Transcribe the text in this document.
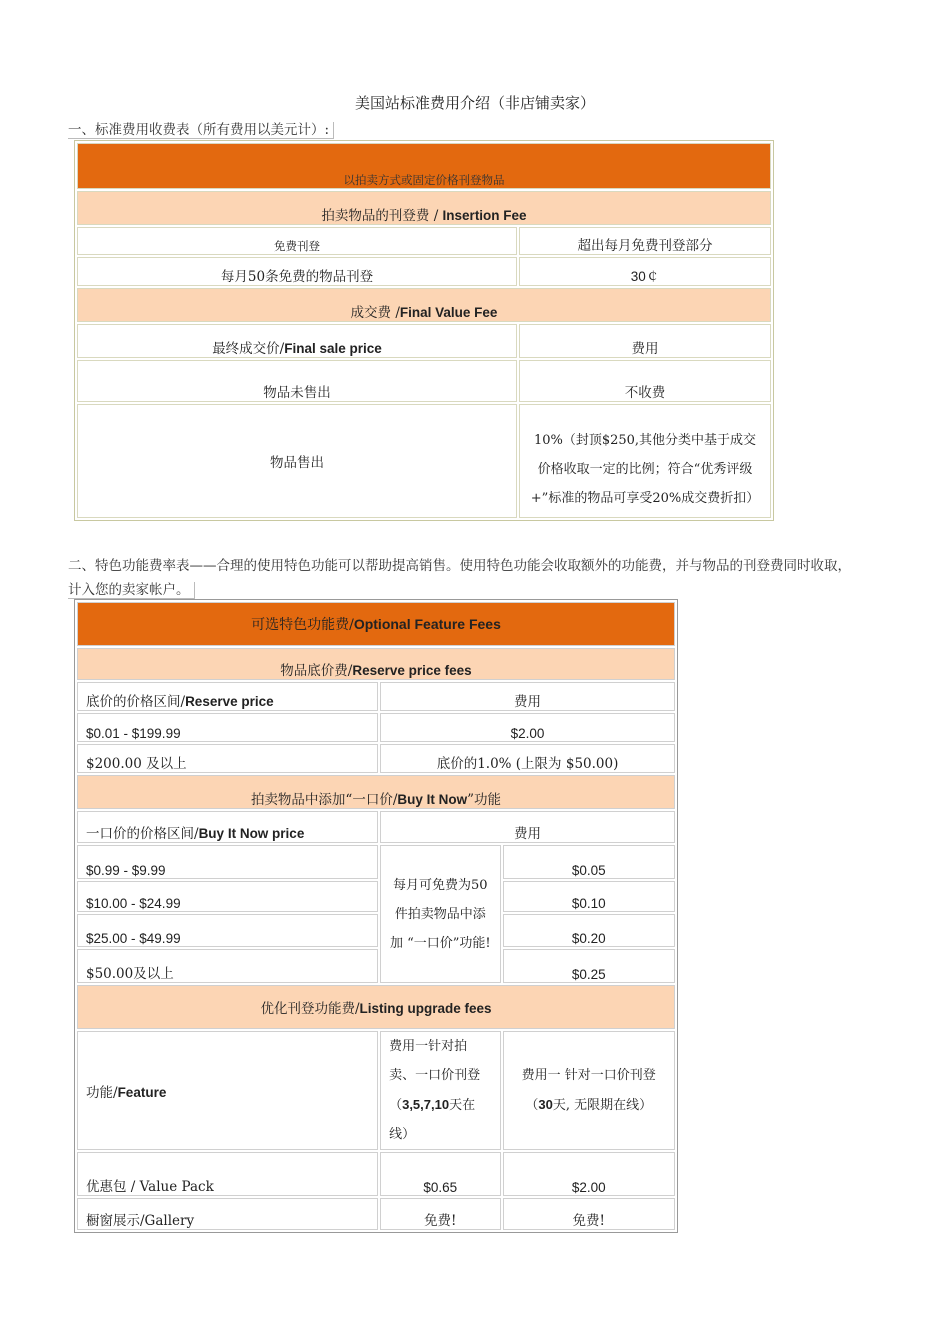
美国站标准费用介绍（非店铺卖家）
一、标准费用收费表（所有费用以美元计）:
以拍卖方式或固定价格刊登物品	
拍卖物品的刊登费 / Insertion Fee	
免费刊登	超出每月免费刊登部分
每月50条免费的物品刊登	30￠
成交费 /Final Value Fee	
最终成交价/Final sale price	费用
物品未售出	不收费
物品售出	10%（封顶$250,其他分类中基于成交价格收取一定的比例；符合“优秀评级+”标准的物品可享受20%成交费折扣）
二、特色功能费率表——合理的使用特色功能可以帮助提高销售。使用特色功能会收取额外的功能费，并与物品的刊登费同时收取，
计入您的卖家帐户。
可选特色功能费/Optional Feature Fees		
物品底价费/Reserve price fees		
底价的价格区间/Reserve price	费用	
$0.01 - $199.99	$2.00	
$200.00 及以上	底价的1.0% (上限为 $50.00)	
拍卖物品中添加“一口价/Buy It Now”功能		
一口价的价格区间/Buy It Now price	费用	
$0.99 - $9.99	每月可免费为50件拍卖物品中添加 “一口价”功能!	$0.05
$10.00 - $24.99		$0.10
$25.00 - $49.99		$0.20
$50.00及以上		$0.25
优化刊登功能费/Listing upgrade fees		
功能/Feature	费用一针对拍卖、一口价刊登（3,5,7,10天在线）	费用一 针对一口价刊登（30天, 无限期在线）
优惠包 / Value Pack	$0.65	$2.00
橱窗展示/Gallery	免费!	免费!
